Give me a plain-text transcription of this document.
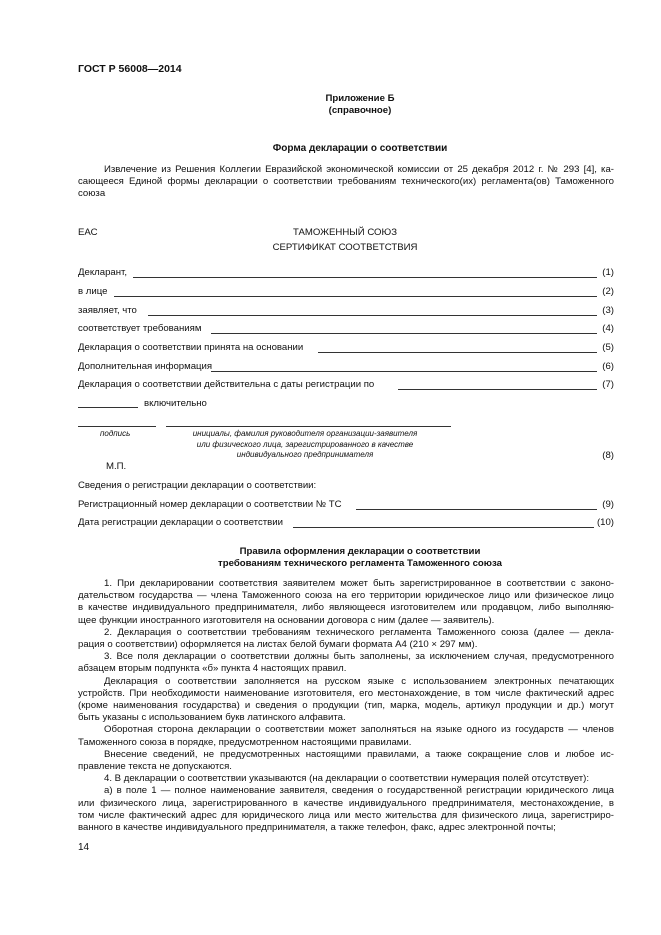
ГОСТ Р 56008—2014
Приложение Б
(справочное)
Форма декларации о соответствии
Извлечение из Решения Коллегии Евразийской экономической комиссии от 25 декабря 2012 г. № 293 [4], ка-
сающееся Единой формы декларации о соответствии требованиям технического(их) регламента(ов) Таможенного
союза
ЕАС	ТАМОЖЕННЫЙ СОЮЗ
СЕРТИФИКАТ СООТВЕТСТВИЯ
Декларант,	(1)
в лице	(2)
заявляет, что	(3)
соответствует требованиям	(4)
Декларация о соответствии принята на основании	(5)
Дополнительная информация	(6)
Декларация о соответствии действительна с даты регистрации по	(7)
включительно
подпись	инициалы, фамилия руководителя организации-заявителя
или физического лица, зарегистрированного в качестве
индивидуального предпринимателя	(8)
М.П.
Сведения о регистрации декларации о соответствии:
Регистрационный номер декларации о соответствии № ТС	(9)
Дата регистрации декларации о соответствии	(10)
Правила оформления декларации о соответствии
требованиям технического регламента Таможенного союза
1. При декларировании соответствия заявителем может быть зарегистрированное в соответствии с законо-
дательством государства — члена Таможенного союза на его территории юридическое лицо или физическое лицо
в качестве индивидуального предпринимателя, либо являющееся изготовителем или продавцом, либо выполняю-
щее функции иностранного изготовителя на основании договора с ним (далее — заявитель).
2. Декларация о соответствии требованиям технического регламента Таможенного союза (далее — декла-
рация о соответствии) оформляется на листах белой бумаги формата А4 (210 × 297 мм).
3. Все поля декларации о соответствии должны быть заполнены, за исключением случая, предусмотренного
абзацем вторым подпункта «б» пункта 4 настоящих правил.
Декларация о соответствии заполняется на русском языке с использованием электронных печатающих
устройств. При необходимости наименование изготовителя, его местонахождение, в том числе фактический адрес
(кроме наименования государства) и сведения о продукции (тип, марка, модель, артикул продукции и др.) могут
быть указаны с использованием букв латинского алфавита.
Оборотная сторона декларации о соответствии может заполняться на языке одного из государств — членов
Таможенного союза в порядке, предусмотренном настоящими правилами.
Внесение сведений, не предусмотренных настоящими правилами, а также сокращение слов и любое ис-
правление текста не допускаются.
4. В декларации о соответствии указываются (на декларации о соответствии нумерация полей отсутствует):
а) в поле 1 — полное наименование заявителя, сведения о государственной регистрации юридического лица
или физического лица, зарегистрированного в качестве индивидуального предпринимателя, местонахождение, в
том числе фактический адрес для юридического лица или место жительства для физического лица, зарегистриро-
ванного в качестве индивидуального предпринимателя, а также телефон, факс, адрес электронной почты;
14
